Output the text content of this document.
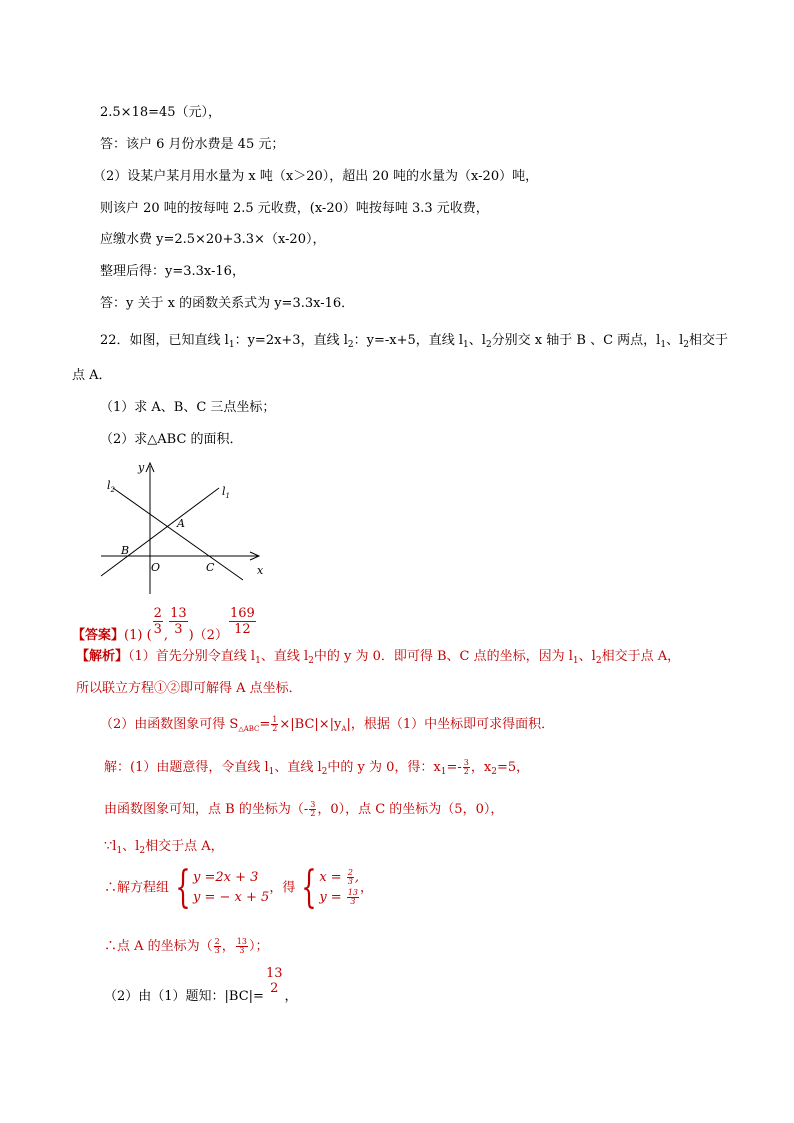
2.5×18=45（元），
答：该户 6 月份水费是 45 元；
（2）设某户某月用水量为 x 吨（x＞20），超出 20 吨的水量为（x-20）吨，
则该户 20 吨的按每吨 2.5 元收费，(x-20）吨按每吨 3.3 元收费，
应缴水费 y=2.5×20+3.3×（x-20），
整理后得：y=3.3x-16，
答：y 关于 x 的函数关系式为 y=3.3x-16．
22．如图，已知直线 $l_1$：y=2x+3，直线 $l_2$：y=-x+5，直线 $l_1$、$l_2$分别交 x 轴于 B 、C 两点，$l_1$、$l_2$相交于
点 A．
（1）求 A、B、C 三点坐标；
（2）求△ABC 的面积．
y
x
$l_2$	$l_1$
A
B
O	C
【答案】(1) ( $\frac{2}{3}$ , $\frac{13}{3} )(2) \frac{169}{12}$
【解析】（1）首先分别令直线 $l_1$、直线 $l_2$中的 y 为 0．即可得 B、C 点的坐标，因为 $l_1$、$l_2$相交于点 A，
所以联立方程①②即可解得 A 点坐标．
（2）由函数图象可得 $S_{\triangle ABC}= \frac{1}{2} \times|BC|\times|y_A|$，根据（1）中坐标即可求得面积．
解：(1）由题意得，令直线 $l_1$、直线 $l_2$中的 y 为 0，得：$x_1=- \frac{3}{2}$ ，$x_2=5$，
由函数图象可知，点 B 的坐标为（- $\frac{3}{2}$ ，0），点 C 的坐标为（5，0），
$\because l_1$、$l_2$相交于点 A，
∴解方程组 { y =2x + 3
y = − x + 5
，得 { $x = \frac{2}{3}$ ,
$y = \frac{13}{3}$
，
∴点 A 的坐标为（ $\frac{2}{3}$ ， $\frac{13}{3}$ ）；
（2）由（1）题知：|BC|=
13
2
，
